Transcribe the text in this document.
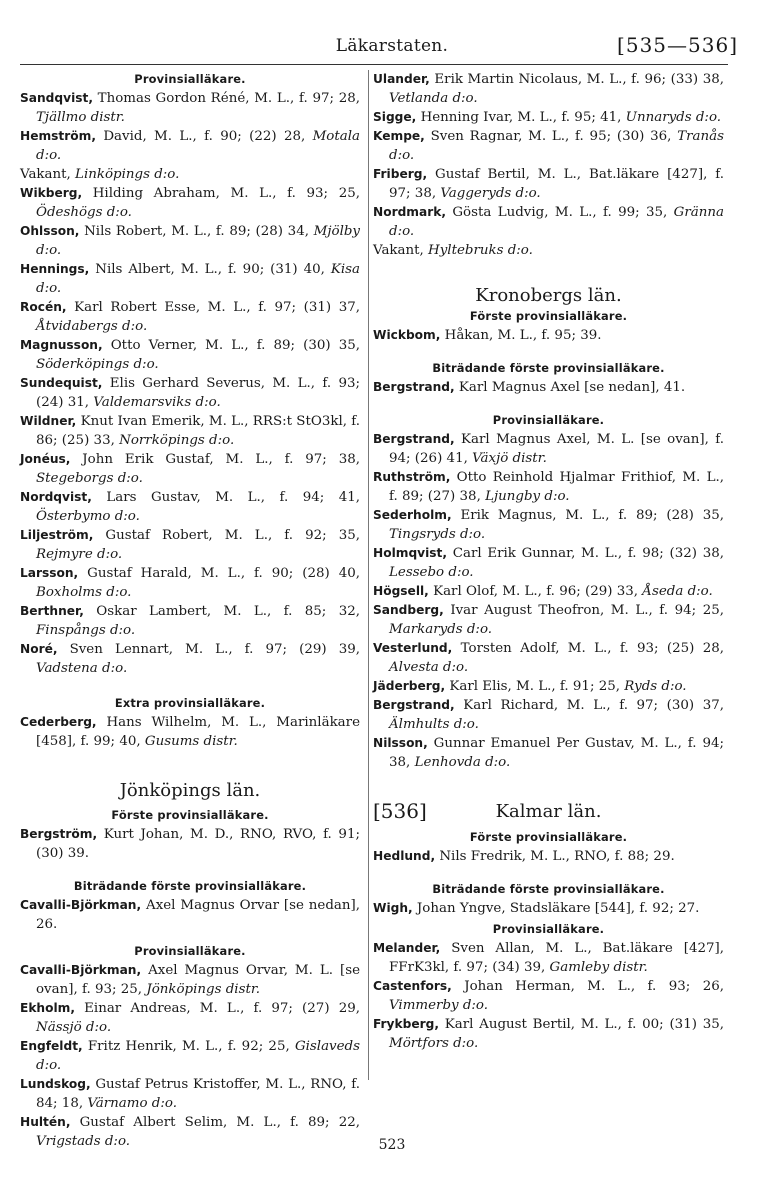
Läkarstaten.	[535—536]

Provinsialläkare.

Sandqvist, Thomas Gordon Réné, M. L., f. 97; 28, Tjällmo distr.

Hemström, David, M. L., f. 90; (22) 28, Motala d:o.

Vakant, Linköpings d:o.

Wikberg, Hilding Abraham, M. L., f. 93; 25, Ödeshögs d:o.

Ohlsson, Nils Robert, M. L., f. 89; (28) 34, Mjölby d:o.

Hennings, Nils Albert, M. L., f. 90; (31) 40, Kisa d:o.

Rocén, Karl Robert Esse, M. L., f. 97; (31) 37, Åtvidabergs d:o.

Magnusson, Otto Verner, M. L., f. 89; (30) 35, Söderköpings d:o.

Sundequist, Elis Gerhard Severus, M. L., f. 93; (24) 31, Valdemarsviks d:o.

Wildner, Knut Ivan Emerik, M. L., RRS:t StO3kl, f. 86; (25) 33, Norrköpings d:o.

Jonéus, John Erik Gustaf, M. L., f. 97; 38, Stegeborgs d:o.

Nordqvist, Lars Gustav, M. L., f. 94; 41, Österbymo d:o.

Liljeström, Gustaf Robert, M. L., f. 92; 35, Rejmyre d:o.

Larsson, Gustaf Harald, M. L., f. 90; (28) 40, Boxholms d:o.

Berthner, Oskar Lambert, M. L., f. 85; 32, Finspångs d:o.

Noré, Sven Lennart, M. L., f. 97; (29) 39, Vadstena d:o.

Extra provinsialläkare.

Cederberg, Hans Wilhelm, M. L., Marinläkare [458], f. 99; 40, Gusums distr.

Jönköpings län.

Förste provinsialläkare.

Bergström, Kurt Johan, M. D., RNO, RVO, f. 91; (30) 39.

Biträdande förste provinsialläkare.

Cavalli-Björkman, Axel Magnus Orvar [se nedan], 26.

Provinsialläkare.

Cavalli-Björkman, Axel Magnus Orvar, M. L. [se ovan], f. 93; 25, Jönköpings distr.

Ekholm, Einar Andreas, M. L., f. 97; (27) 29, Nässjö d:o.

Engfeldt, Fritz Henrik, M. L., f. 92; 25, Gislaveds d:o.

Lundskog, Gustaf Petrus Kristoffer, M. L., RNO, f. 84; 18, Värnamo d:o.

Hultén, Gustaf Albert Selim, M. L., f. 89; 22, Vrigstads d:o.

Ulander, Erik Martin Nicolaus, M. L., f. 96; (33) 38, Vetlanda d:o.

Sigge, Henning Ivar, M. L., f. 95; 41, Unnaryds d:o.

Kempe, Sven Ragnar, M. L., f. 95; (30) 36, Tranås d:o.

Friberg, Gustaf Bertil, M. L., Bat.läkare [427], f. 97; 38, Vaggeryds d:o.

Nordmark, Gösta Ludvig, M. L., f. 99; 35, Gränna d:o.

Vakant, Hyltebruks d:o.

Kronobergs län.

Förste provinsialläkare.

Wickbom, Håkan, M. L., f. 95; 39.

Biträdande förste provinsialläkare.

Bergstrand, Karl Magnus Axel [se nedan], 41.

Provinsialläkare.

Bergstrand, Karl Magnus Axel, M. L. [se ovan], f. 94; (26) 41, Växjö distr.

Ruthström, Otto Reinhold Hjalmar Frithiof, M. L., f. 89; (27) 38, Ljungby d:o.

Sederholm, Erik Magnus, M. L., f. 89; (28) 35, Tingsryds d:o.

Holmqvist, Carl Erik Gunnar, M. L., f. 98; (32) 38, Lessebo d:o.

Högsell, Karl Olof, M. L., f. 96; (29) 33, Åseda d:o.

Sandberg, Ivar August Theofron, M. L., f. 94; 25, Markaryds d:o.

Vesterlund, Torsten Adolf, M. L., f. 93; (25) 28, Alvesta d:o.

Jäderberg, Karl Elis, M. L., f. 91; 25, Ryds d:o.

Bergstrand, Karl Richard, M. L., f. 97; (30) 37, Älmhults d:o.

Nilsson, Gunnar Emanuel Per Gustav, M. L., f. 94; 38, Lenhovda d:o.

[536]	Kalmar län.

Förste provinsialläkare.

Hedlund, Nils Fredrik, M. L., RNO, f. 88; 29.

Biträdande förste provinsialläkare.

Wigh, Johan Yngve, Stadsläkare [544], f. 92; 27.

Provinsialläkare.

Melander, Sven Allan, M. L., Bat.läkare [427], FFrK3kl, f. 97; (34) 39, Gamleby distr.

Castenfors, Johan Herman, M. L., f. 93; 26, Vimmerby d:o.

Frykberg, Karl August Bertil, M. L., f. 00; (31) 35, Mörtfors d:o.

523
